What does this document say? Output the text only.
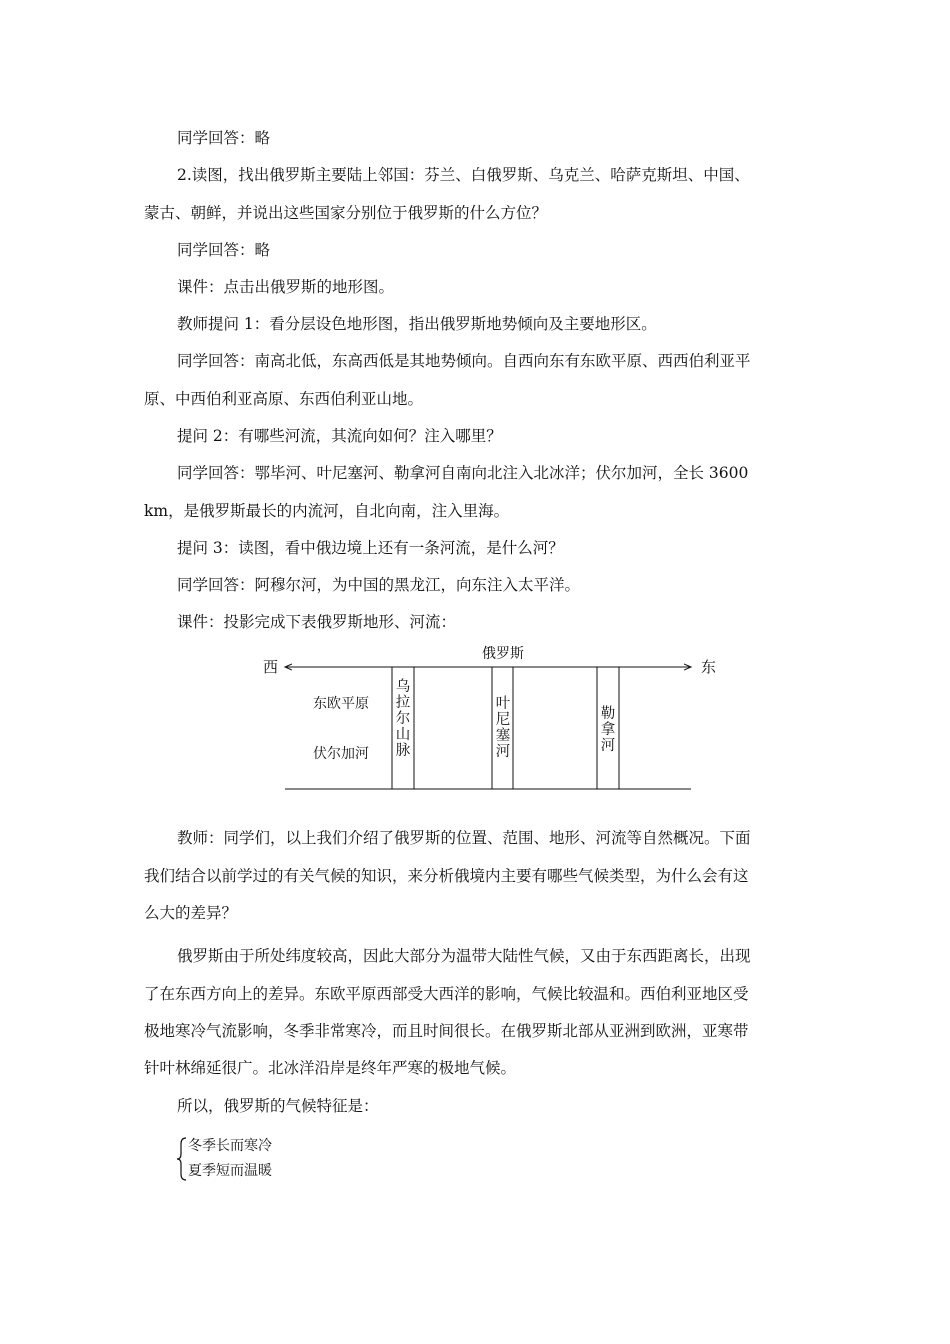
同学回答：略

2.读图，找出俄罗斯主要陆上邻国：芬兰、白俄罗斯、乌克兰、哈萨克斯坦、中国、

蒙古、朝鲜，并说出这些国家分别位于俄罗斯的什么方位？

同学回答：略

课件：点击出俄罗斯的地形图。

教师提问 1：看分层设色地形图，指出俄罗斯地势倾向及主要地形区。

同学回答：南高北低，东高西低是其地势倾向。自西向东有东欧平原、西西伯利亚平

原、中西伯利亚高原、东西伯利亚山地。

提问 2：有哪些河流，其流向如何？注入哪里？

同学回答：鄂毕河、叶尼塞河、勒拿河自南向北注入北冰洋；伏尔加河，全长 3600

km，是俄罗斯最长的内流河，自北向南，注入里海。

提问 3：读图，看中俄边境上还有一条河流，是什么河？

同学回答：阿穆尔河，为中国的黑龙江，向东注入太平洋。

课件：投影完成下表俄罗斯地形、河流：

俄罗斯
西	东
东欧平原
伏尔加河
乌
拉
尔
山
脉
叶
尼
塞
河
勒
拿
河

教师：同学们，以上我们介绍了俄罗斯的位置、范围、地形、河流等自然概况。下面

我们结合以前学过的有关气候的知识，来分析俄境内主要有哪些气候类型，为什么会有这

么大的差异？

俄罗斯由于所处纬度较高，因此大部分为温带大陆性气候，又由于东西距离长，出现

了在东西方向上的差异。东欧平原西部受大西洋的影响，气候比较温和。西伯利亚地区受

极地寒冷气流影响，冬季非常寒冷，而且时间很长。在俄罗斯北部从亚洲到欧洲，亚寒带

针叶林绵延很广。北冰洋沿岸是终年严寒的极地气候。

所以，俄罗斯的气候特征是：

冬季长而寒冷
夏季短而温暖
